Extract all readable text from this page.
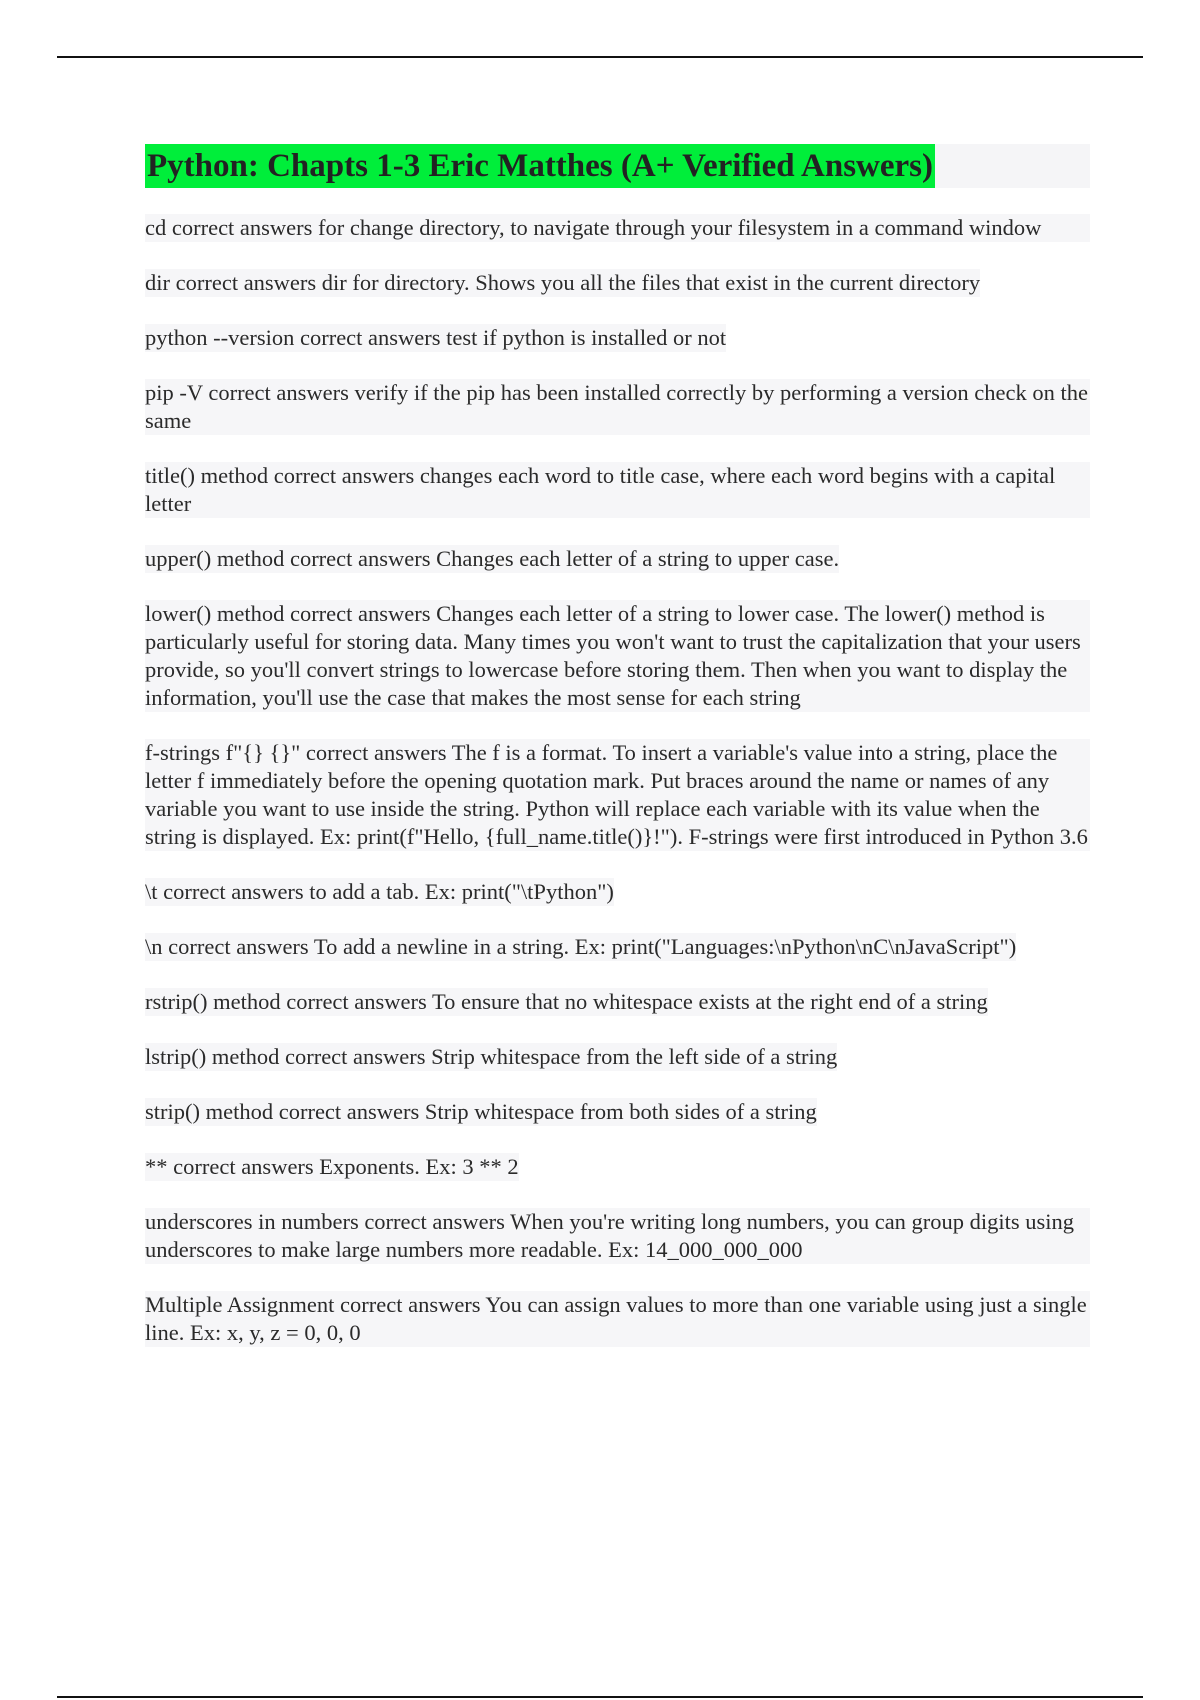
Python: Chapts 1-3 Eric Matthes (A+ Verified Answers)
cd correct answers for change directory, to navigate through your filesystem in a command window
dir correct answers dir for directory. Shows you all the files that exist in the current directory
python --version correct answers test if python is installed or not
pip -V correct answers verify if the pip has been installed correctly by performing a version check on the same
title() method correct answers changes each word to title case, where each word begins with a capital letter
upper() method correct answers Changes each letter of a string to upper case.
lower() method correct answers Changes each letter of a string to lower case. The lower() method is particularly useful for storing data. Many times you won't want to trust the capitalization that your users provide, so you'll convert strings to lowercase before storing them. Then when you want to display the information, you'll use the case that makes the most sense for each string
f-strings f"{} {}" correct answers The f is a format. To insert a variable's value into a string, place the letter f immediately before the opening quotation mark. Put braces around the name or names of any variable you want to use inside the string. Python will replace each variable with its value when the string is displayed. Ex: print(f"Hello, {full_name.title()}!"). F-strings were first introduced in Python 3.6
\t correct answers to add a tab. Ex: print("\tPython")
\n correct answers To add a newline in a string. Ex: print("Languages:\nPython\nC\nJavaScript")
rstrip() method correct answers To ensure that no whitespace exists at the right end of a string
lstrip() method correct answers Strip whitespace from the left side of a string
strip() method correct answers Strip whitespace from both sides of a string
** correct answers Exponents. Ex: 3 ** 2
underscores in numbers correct answers When you're writing long numbers, you can group digits using underscores to make large numbers more readable. Ex: 14_000_000_000
Multiple Assignment correct answers You can assign values to more than one variable using just a single line. Ex: x, y, z = 0, 0, 0
